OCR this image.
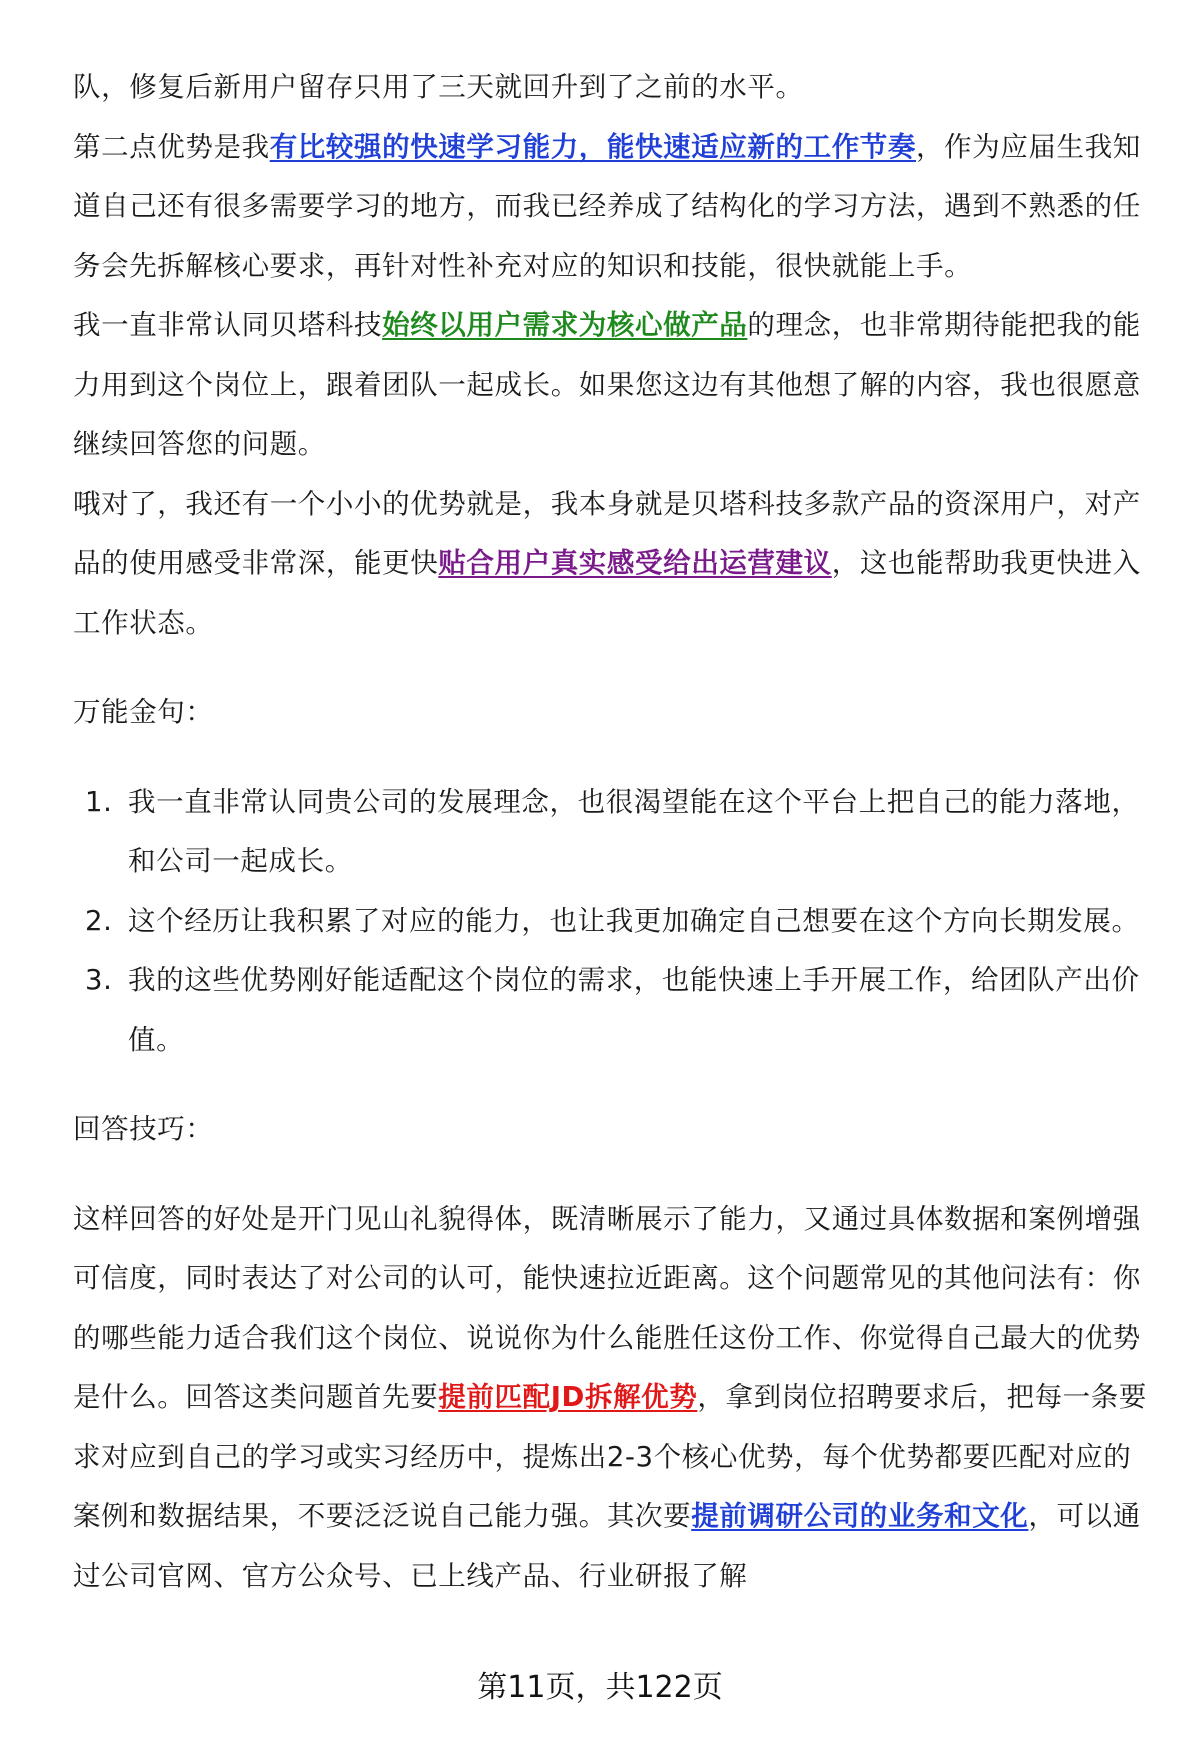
队，修复后新用户留存只用了三天就回升到了之前的水平。

第二点优势是我有比较强的快速学习能力，能快速适应新的工作节奏，作为应届生我知道自己还有很多需要学习的地方，而我已经养成了结构化的学习方法，遇到不熟悉的任务会先拆解核心要求，再针对性补充对应的知识和技能，很快就能上手。

我一直非常认同贝塔科技始终以用户需求为核心做产品的理念，也非常期待能把我的能力用到这个岗位上，跟着团队一起成长。如果您这边有其他想了解的内容，我也很愿意继续回答您的问题。

哦对了，我还有一个小小的优势就是，我本身就是贝塔科技多款产品的资深用户，对产品的使用感受非常深，能更快贴合用户真实感受给出运营建议，这也能帮助我更快进入工作状态。

万能金句：

1. 我一直非常认同贵公司的发展理念，也很渴望能在这个平台上把自己的能力落地，和公司一起成长。
2. 这个经历让我积累了对应的能力，也让我更加确定自己想要在这个方向长期发展。
3. 我的这些优势刚好能适配这个岗位的需求，也能快速上手开展工作，给团队产出价值。

回答技巧：

这样回答的好处是开门见山礼貌得体，既清晰展示了能力，又通过具体数据和案例增强可信度，同时表达了对公司的认可，能快速拉近距离。这个问题常见的其他问法有：你的哪些能力适合我们这个岗位、说说你为什么能胜任这份工作、你觉得自己最大的优势是什么。回答这类问题首先要提前匹配JD拆解优势，拿到岗位招聘要求后，把每一条要求对应到自己的学习或实习经历中，提炼出2-3个核心优势，每个优势都要匹配对应的案例和数据结果，不要泛泛说自己能力强。其次要提前调研公司的业务和文化，可以通过公司官网、官方公众号、已上线产品、行业研报了解

第11页，共122页
